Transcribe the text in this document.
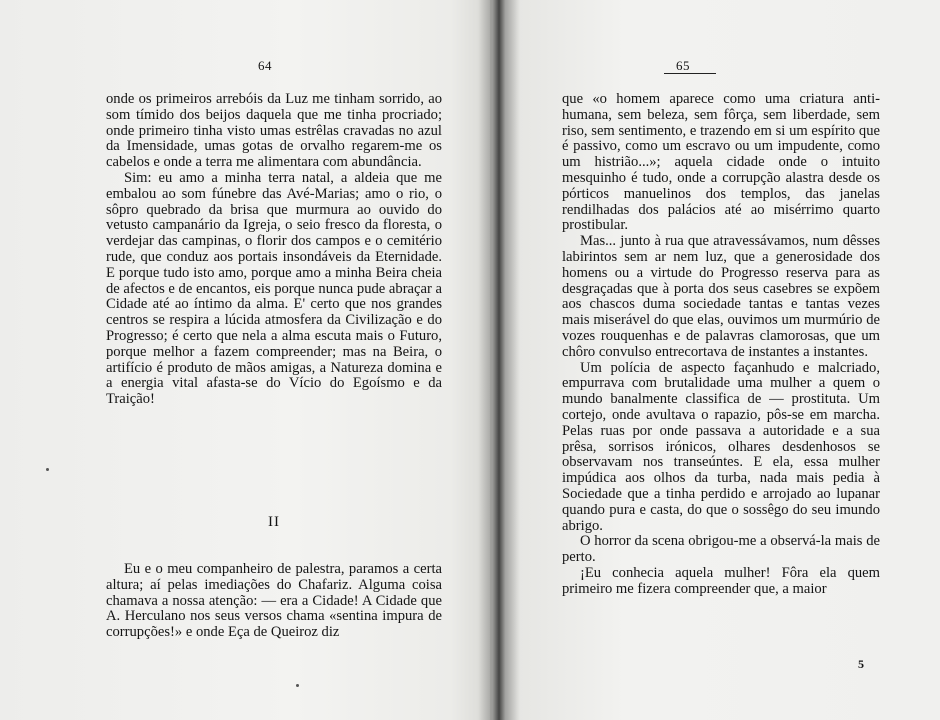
64

onde os primeiros arrebóis da Luz me tinham sorrido, ao som tímido dos beijos daquela que me tinha procriado; onde primeiro tinha visto umas estrêlas cravadas no azul da Imensidade, umas gotas de orvalho regarem-me os cabelos e onde a terra me alimentara com abundância.

Sim: eu amo a minha terra natal, a aldeia que me embalou ao som fúnebre das Avé-Marias; amo o rio, o sôpro quebrado da brisa que murmura ao ouvido do vetusto campanário da Igreja, o seio fresco da floresta, o verdejar das campinas, o florir dos campos e o cemitério rude, que conduz aos portais insondáveis da Eternidade. E porque tudo isto amo, porque amo a minha Beira cheia de afectos e de encantos, eis porque nunca pude abraçar a Cidade até ao íntimo da alma. E' certo que nos grandes centros se respira a lúcida atmosfera da Civilização e do Progresso; é certo que nela a alma escuta mais o Futuro, porque melhor a fazem compreender; mas na Beira, o artifício é produto de mãos amigas, a Natureza domina e a energia vital afasta-se do Vício do Egoísmo e da Traição!

II

Eu e o meu companheiro de palestra, paramos a certa altura; aí pelas imediações do Chafariz. Alguma coisa chamava a nossa atenção: — era a Cidade! A Cidade que A. Herculano nos seus versos chama «sentina impura de corrupções!» e onde Eça de Queiroz diz

65

que «o homem aparece como uma criatura anti-humana, sem beleza, sem fôrça, sem liberdade, sem riso, sem sentimento, e trazendo em si um espírito que é passivo, como um escravo ou um impudente, como um histrião...»; aquela cidade onde o intuito mesquinho é tudo, onde a corrupção alastra desde os pórticos manuelinos dos templos, das janelas rendilhadas dos palácios até ao misérrimo quarto prostibular.

Mas... junto à rua que atravessávamos, num dêsses labirintos sem ar nem luz, que a generosidade dos homens ou a virtude do Progresso reserva para as desgraçadas que à porta dos seus casebres se expõem aos chascos duma sociedade tantas e tantas vezes mais miserável do que elas, ouvimos um murmúrio de vozes rouquenhas e de palavras clamorosas, que um chôro convulso entrecortava de instantes a instantes.

Um polícia de aspecto façanhudo e malcriado, empurrava com brutalidade uma mulher a quem o mundo banalmente classifica de — prostituta. Um cortejo, onde avultava o rapazio, pôs-se em marcha. Pelas ruas por onde passava a autoridade e a sua prêsa, sorrisos irónicos, olhares desdenhosos se observavam nos transeúntes. E ela, essa mulher impúdica aos olhos da turba, nada mais pedia à Sociedade que a tinha perdido e arrojado ao lupanar quando pura e casta, do que o sossêgo do seu imundo abrigo.

O horror da scena obrigou-me a observá-la mais de perto.

¡Eu conhecia aquela mulher! Fôra ela quem primeiro me fizera compreender que, a maior

5
